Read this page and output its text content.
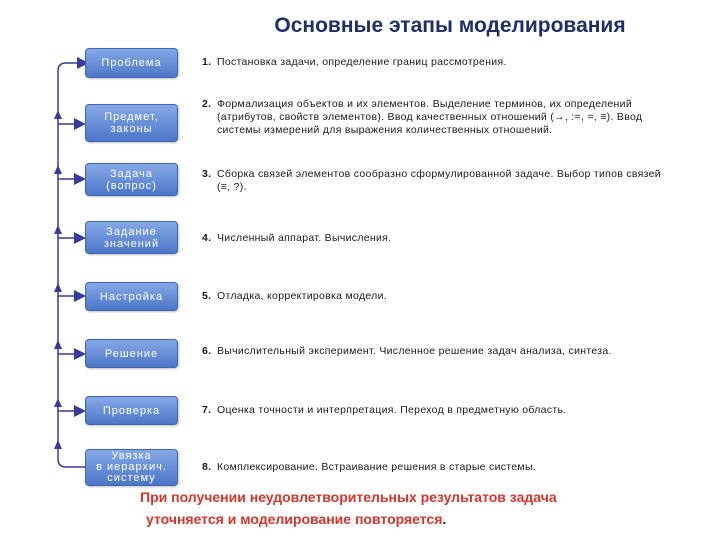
Основные этапы моделирования
Проблема
Предмет,
законы
Задача
(вопрос)
Задание
значений
Настройка
Решение
Проверка
Увязка
в иерархич.
систему
1. Постановка задачи, определение границ рассмотрения.
2. Формализация объектов и их элементов. Выделение терминов, их определений (атрибутов, свойств элементов). Ввод качественных отношений (→, :=, =, ≡). Ввод системы измерений для выражения количественных отношений.
3. Сборка связей элементов сообразно сформулированной задаче. Выбор типов связей (≡, ?).
4. Численный аппарат. Вычисления.
5. Отладка, корректировка модели.
6. Вычислительный эксперимент. Численное решение задач анализа, синтеза.
7. Оценка точности и интерпретация. Переход в предметную область.
8. Комплексирование. Встраивание решения в старые системы.
При получении неудовлетворительных результатов задача
уточняется и моделирование повторяется.
